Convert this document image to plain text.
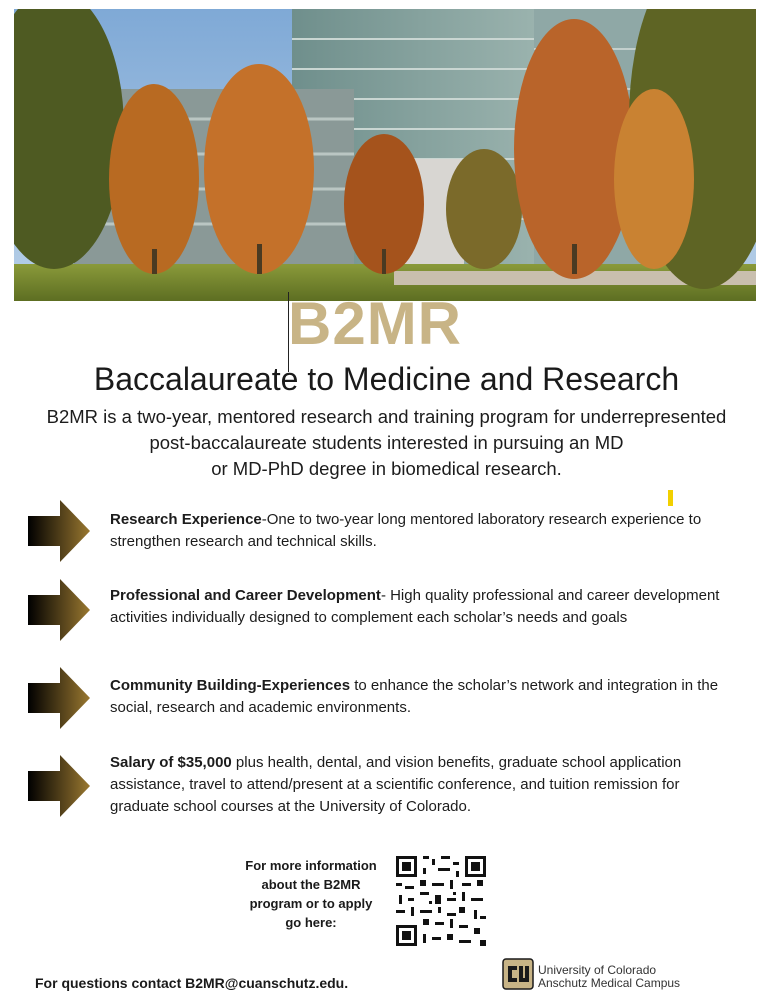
B2MR
Baccalaureate to Medicine and Research
B2MR is a two-year, mentored research and training program for underrepresented
post-baccalaureate students interested in pursuing an MD
or MD-PhD degree in biomedical research.
Research Experience-One to two-year long mentored laboratory research experience to strengthen research and technical skills.
Professional and Career Development- High quality professional and career development activities individually designed to complement each scholar’s needs and goals
Community Building-Experiences to enhance the scholar’s network and integration in the social, research and academic environments.
Salary of $35,000 plus health, dental, and vision benefits, graduate school application assistance, travel to attend/present at a scientific conference, and tuition remission for graduate school courses at the University of Colorado.
For more information
about the B2MR
program or to apply
go here:
For questions contact B2MR@cuanschutz.edu.
University of Colorado
Anschutz Medical Campus
